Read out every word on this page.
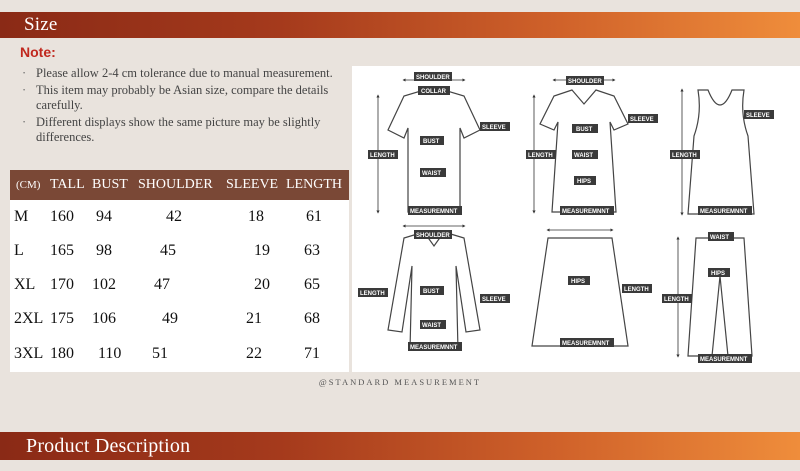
Size
Note:
· Please allow 2-4 cm tolerance due to manual measurement.
· This item may probably be Asian size, compare the details carefully.
· Different displays show the same picture may be slightly differences.
(CM)	TALL	BUST	SHOULDER	SLEEVE	LENGTH
M	160	94	42	18	61
L	165	98	45	19	63
XL	170	102	47	20	65
2XL	175	106	49	21	68
3XL	180	110	51	22	71
SHOULDER
COLLAR
SLEEVE
BUST
WAIST
LENGTH
MEASUREMNNT
SHOULDER
SLEEVE
BUST
WAIST
HIPS
LENGTH
MEASUREMNNT
SLEEVE
LENGTH
MEASUREMNNT
SHOULDER
SLEEVE
BUST
WAIST
LENGTH
MEASUREMNNT
HIPS
LENGTH
MEASUREMNNT
WAIST
HIPS
LENGTH
MEASUREMNNT
@STANDARD MEASUREMENT
Product Description
